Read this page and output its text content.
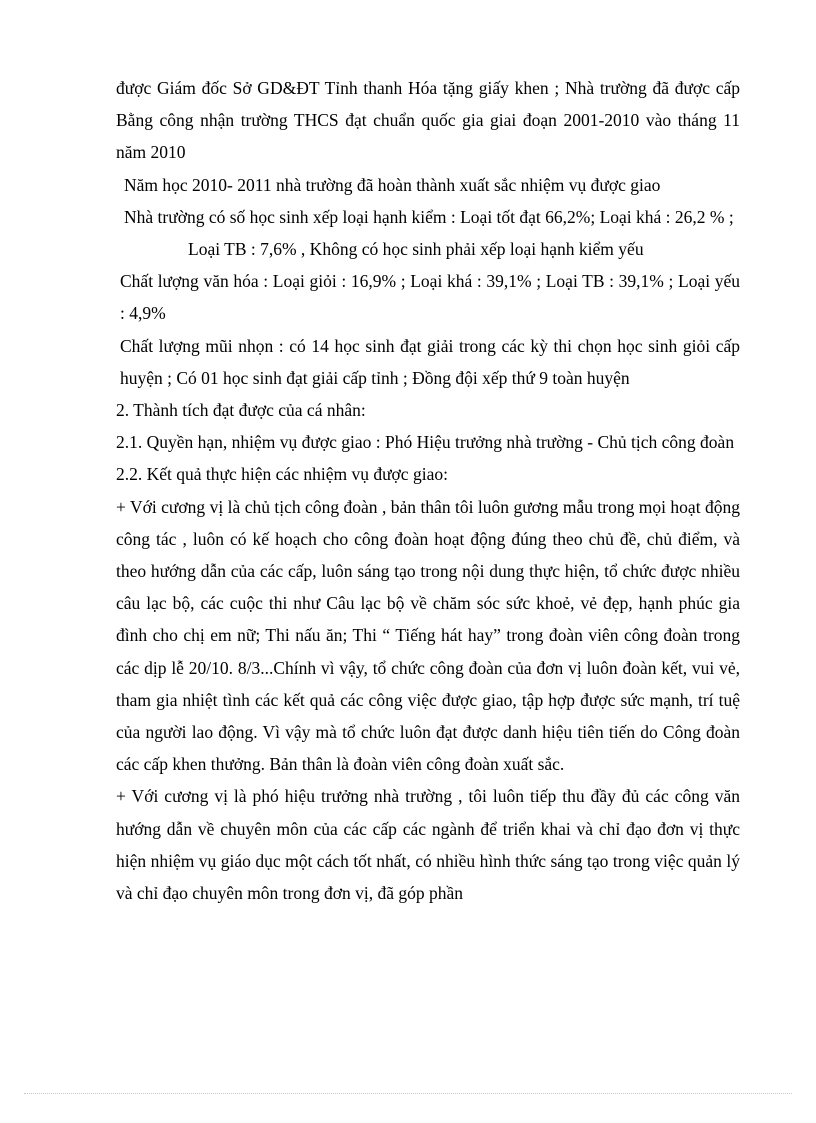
được Giám đốc Sở GD&ĐT Tỉnh thanh Hóa tặng giấy khen ; Nhà trường đã được cấp Bằng công nhận trường THCS đạt chuẩn quốc gia giai đoạn 2001-2010 vào tháng 11 năm 2010

Năm học 2010- 2011 nhà trường đã hoàn thành xuất sắc nhiệm vụ được giao

Nhà trường có số học sinh xếp loại hạnh kiểm : Loại tốt đạt 66,2%; Loại khá : 26,2 % ;

Loại TB : 7,6% , Không có học sinh phải xếp loại hạnh kiểm yếu

Chất lượng văn hóa : Loại giỏi : 16,9% ; Loại khá : 39,1% ; Loại TB : 39,1% ; Loại yếu : 4,9%

Chất lượng mũi nhọn : có 14 học sinh đạt giải trong các kỳ thi chọn học sinh giỏi cấp huyện ; Có 01 học sinh đạt giải cấp tỉnh ; Đồng đội xếp thứ 9 toàn huyện

2. Thành tích đạt được của cá nhân:

2.1. Quyền hạn, nhiệm vụ được giao : Phó Hiệu trưởng nhà trường - Chủ tịch công đoàn

2.2. Kết quả thực hiện các nhiệm vụ được giao:

+ Với cương vị là chủ tịch công đoàn , bản thân tôi luôn gương mẫu trong mọi hoạt động công tác , luôn có kế hoạch cho công đoàn hoạt động đúng theo chủ đề, chủ điểm, và theo hướng dẫn của các cấp, luôn sáng tạo trong nội dung thực hiện, tổ chức được nhiều câu lạc bộ, các cuộc thi như Câu lạc bộ về chăm sóc sức khoẻ, vẻ đẹp, hạnh phúc gia đình cho chị em nữ; Thi nấu ăn; Thi “ Tiếng hát hay” trong đoàn viên công đoàn trong các dịp lễ 20/10. 8/3...Chính vì vậy, tổ chức công đoàn của đơn vị luôn đoàn kết, vui vẻ, tham gia nhiệt tình các kết quả các công việc được giao, tập hợp được sức mạnh, trí tuệ của người lao động. Vì vậy mà tổ chức luôn đạt được danh hiệu tiên tiến do Công đoàn các cấp khen thưởng. Bản thân là đoàn viên công đoàn xuất sắc.

+ Với cương vị là phó hiệu trưởng nhà trường , tôi luôn tiếp thu đầy đủ các công văn hướng dẫn về chuyên môn của các cấp các ngành để triển khai và chỉ đạo đơn vị thực hiện nhiệm vụ giáo dục một cách tốt nhất, có nhiều hình thức sáng tạo trong việc quản lý và chỉ đạo chuyên môn trong đơn vị, đã góp phần
